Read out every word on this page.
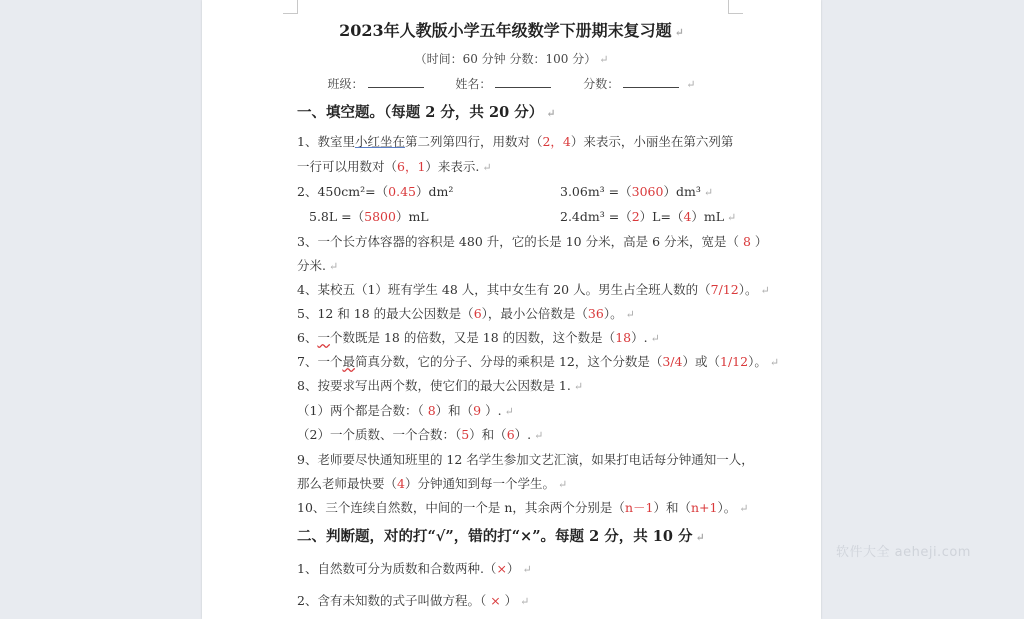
2023年人教版小学五年级数学下册期末复习题 ↵
（时间：60 分钟 分数：100 分） ↵
班级：	姓名：	分数：	↵
一、填空题。（每题 2 分，共 20 分） ↵
1、教室里小红坐在第二列第四行，用数对（2，4）来表示，小丽坐在第六列第
一行可以用数对（6，1）来表示. ↵
2、450cm²=（0.45）dm²	3.06m³ =（3060）dm³ ↵
5.8L =（5800）mL	2.4dm³ =（2）L=（4）mL ↵
3、一个长方体容器的容积是 480 升，它的长是 10 分米，高是 6 分米，宽是（ 8 ）
分米. ↵
4、某校五（1）班有学生 48 人，其中女生有 20 人。男生占全班人数的（7/12）。 ↵
5、12 和 18 的最大公因数是（6），最小公倍数是（36）。 ↵
6、一个数既是 18 的倍数，又是 18 的因数，这个数是（18）. ↵
7、一个最简真分数，它的分子、分母的乘积是 12，这个分数是（3/4）或（1/12）。 ↵
8、按要求写出两个数，使它们的最大公因数是 1. ↵
（1）两个都是合数：（ 8）和（9 ）. ↵
（2）一个质数、一个合数：（5）和（6）. ↵
9、老师要尽快通知班里的 12 名学生参加文艺汇演，如果打电话每分钟通知一人，
那么老师最快要（4）分钟通知到每一个学生。 ↵
10、三个连续自然数，中间的一个是 n，其余两个分别是（n－1）和（n+1）。 ↵
二、判断题，对的打“√”，错的打“×”。每题 2 分，共 10 分 ↵
1、自然数可分为质数和合数两种.（×） ↵
2、含有未知数的式子叫做方程。（ × ） ↵
软件大全 aeheji.com
